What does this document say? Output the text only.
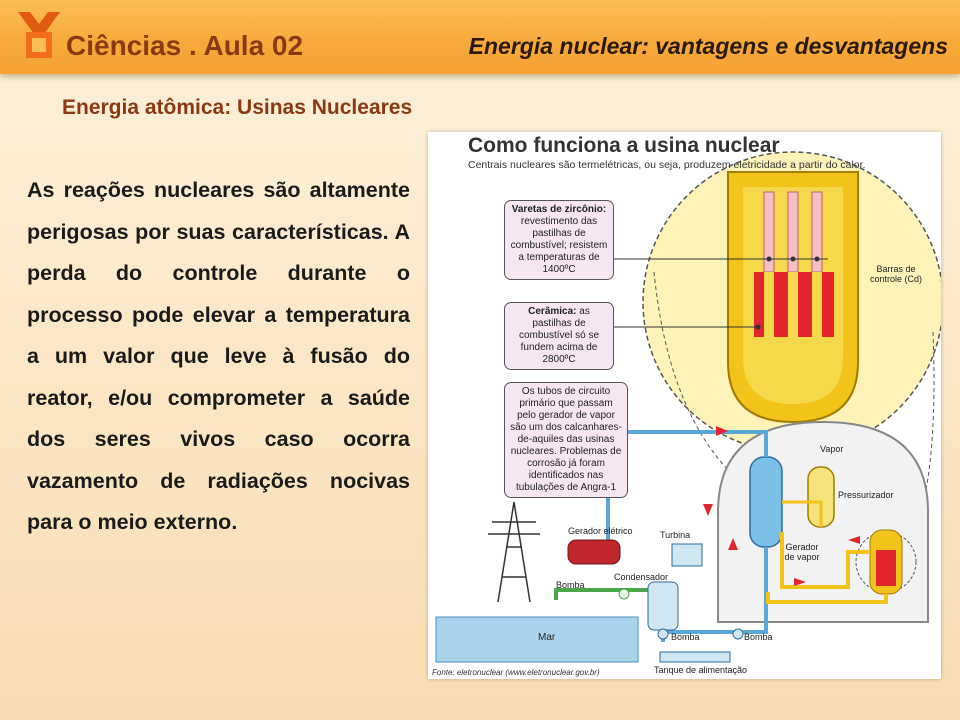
Ciências . Aula 02	Energia nuclear: vantagens e desvantagens
Energia atômica: Usinas Nucleares
As reações nucleares são altamente perigosas por suas características. A perda do controle durante o processo pode elevar a temperatura a um valor que leve à fusão do reator, e/ou comprometer a saúde dos seres vivos caso ocorra vazamento de radiações nocivas para o meio externo.
Como funciona a usina nuclear
Centrais nucleares são termelétricas, ou seja, produzem eletricidade a partir do calor.
Varetas de zircônio:
revestimento das pastilhas de combustível; resistem a temperaturas de 1400ºC
Cerâmica: as pastilhas de combustível só se fundem acima de 2800ºC
Os tubos de circuito primário que passam pelo gerador de vapor são um dos calcanhares-de-aquiles das usinas nucleares. Problemas de corrosão já foram identificados nas tubulações de Angra-1
Barras de controle (Cd)
Vapor
Pressurizador
Gerador elétrico	Turbina
Gerador de vapor
Condensador
Bomba
Bomba	Bomba
Mar
Tanque de alimentação
Fonte: eletronuclear (www.eletronuclear.gov.br)
